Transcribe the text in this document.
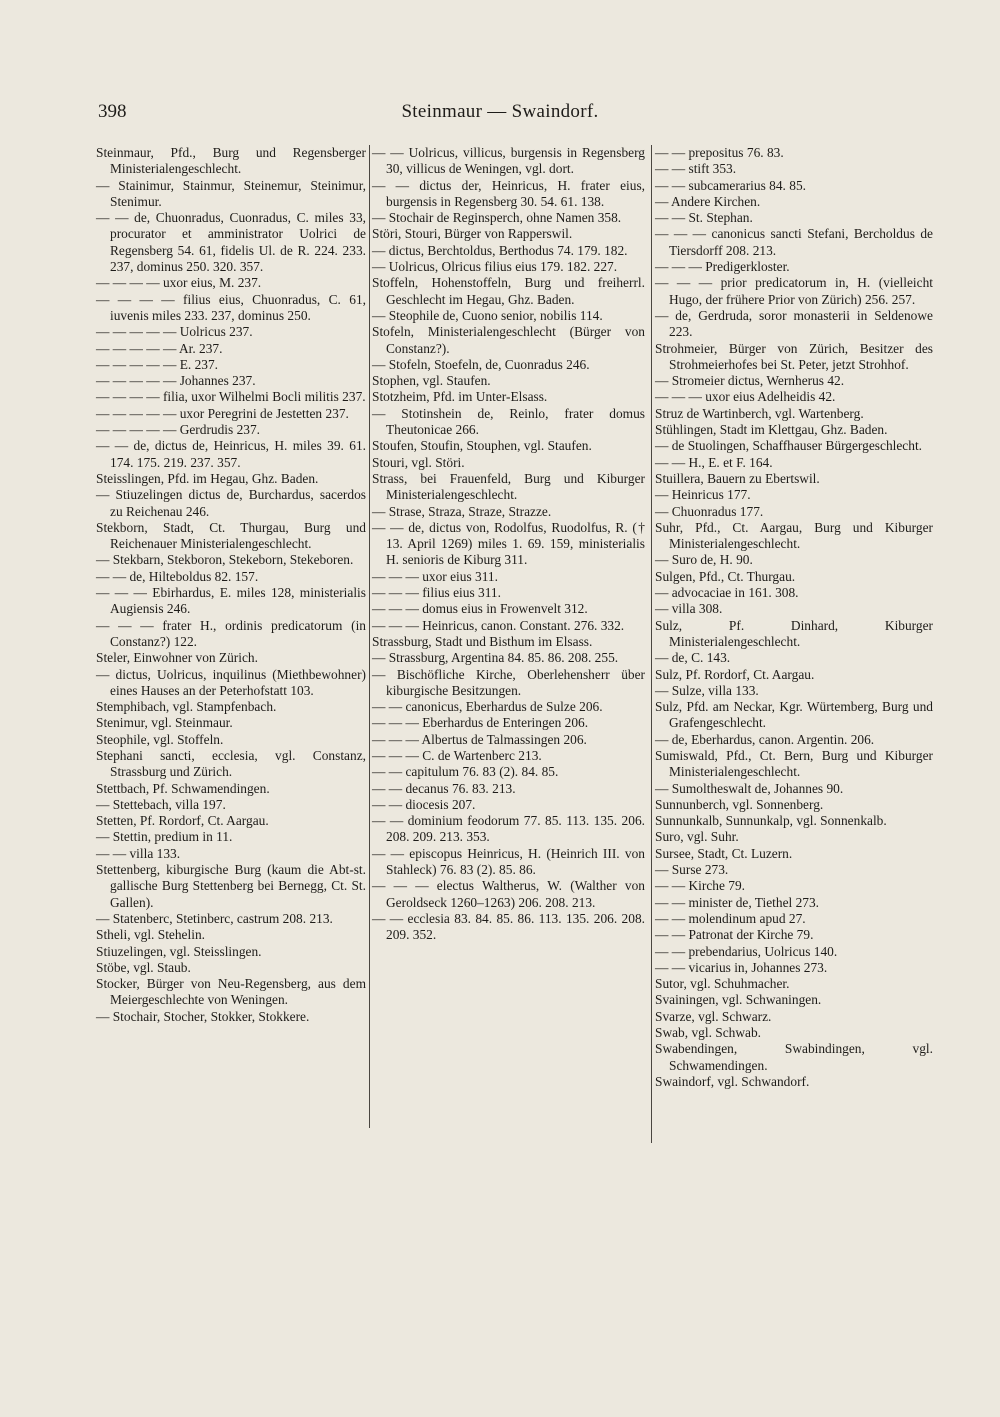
398	Steinmaur — Swaindorf.
Steinmaur, Pfd., Burg und Regensberger Ministerialengeschlecht.
— Stainimur, Stainmur, Steinemur, Steinimur, Stenimur.
— — de, Chuonradus, Cuonradus, C. miles 33, procurator et amministrator Uolrici de Regensberg 54. 61, fidelis Ul. de R. 224. 233. 237, dominus 250. 320. 357.
— — — — uxor eius, M. 237.
— — — — filius eius, Chuonradus, C. 61, iuvenis miles 233. 237, dominus 250.
— — — — — Uolricus 237.
— — — — — Ar. 237.
— — — — — E. 237.
— — — — — Johannes 237.
— — — — filia, uxor Wilhelmi Bocli militis 237.
— — — — — uxor Peregrini de Jestetten 237.
— — — — — Gerdrudis 237.
— — de, dictus de, Heinricus, H. miles 39. 61. 174. 175. 219. 237. 357.
Steisslingen, Pfd. im Hegau, Ghz. Baden.
— Stiuzelingen dictus de, Burchardus, sacerdos zu Reichenau 246.
Stekborn, Stadt, Ct. Thurgau, Burg und Reichenauer Ministerialengeschlecht.
— Stekbarn, Stekboron, Stekeborn, Stekeboren.
— — de, Hilteboldus 82. 157.
— — — Ebirhardus, E. miles 128, ministerialis Augiensis 246.
— — — frater H., ordinis predicatorum (in Constanz?) 122.
Steler, Einwohner von Zürich.
— dictus, Uolricus, inquilinus (Miethbewohner) eines Hauses an der Peterhofstatt 103.
Stemphibach, vgl. Stampfenbach.
Stenimur, vgl. Steinmaur.
Steophile, vgl. Stoffeln.
Stephani sancti, ecclesia, vgl. Constanz, Strassburg und Zürich.
Stettbach, Pf. Schwamendingen.
— Stettebach, villa 197.
Stetten, Pf. Rordorf, Ct. Aargau.
— Stettin, predium in 11.
— — villa 133.
Stettenberg, kiburgische Burg (kaum die Abt-st. gallische Burg Stettenberg bei Bernegg, Ct. St. Gallen).
— Statenberc, Stetinberc, castrum 208. 213.
Stheli, vgl. Stehelin.
Stiuzelingen, vgl. Steisslingen.
Stöbe, vgl. Staub.
Stocker, Bürger von Neu-Regensberg, aus dem Meiergeschlechte von Weningen.
— Stochair, Stocher, Stokker, Stokkere.
— — Uolricus, villicus, burgensis in Regensberg 30, villicus de Weningen, vgl. dort.
— — dictus der, Heinricus, H. frater eius, burgensis in Regensberg 30. 54. 61. 138.
— Stochair de Reginsperch, ohne Namen 358.
Störi, Stouri, Bürger von Rapperswil.
— dictus, Berchtoldus, Berthodus 74. 179. 182.
— Uolricus, Olricus filius eius 179. 182. 227.
Stoffeln, Hohenstoffeln, Burg und freiherrl. Geschlecht im Hegau, Ghz. Baden.
— Steophile de, Cuono senior, nobilis 114.
Stofeln, Ministerialengeschlecht (Bürger von Constanz?).
— Stofeln, Stoefeln, de, Cuonradus 246.
Stophen, vgl. Staufen.
Stotzheim, Pfd. im Unter-Elsass.
— Stotinshein de, Reinlo, frater domus Theutonicae 266.
Stoufen, Stoufin, Stouphen, vgl. Staufen.
Stouri, vgl. Störi.
Strass, bei Frauenfeld, Burg und Kiburger Ministerialengeschlecht.
— Strase, Straza, Straze, Strazze.
— — de, dictus von, Rodolfus, Ruodolfus, R. († 13. April 1269) miles 1. 69. 159, ministerialis H. senioris de Kiburg 311.
— — — uxor eius 311.
— — — filius eius 311.
— — — domus eius in Frowenvelt 312.
— — — Heinricus, canon. Constant. 276. 332.
Strassburg, Stadt und Bisthum im Elsass.
— Strassburg, Argentina 84. 85. 86. 208. 255.
— Bischöfliche Kirche, Oberlehensherr über kiburgische Besitzungen.
— — canonicus, Eberhardus de Sulze 206.
— — — Eberhardus de Enteringen 206.
— — — Albertus de Talmassingen 206.
— — — C. de Wartenberc 213.
— — capitulum 76. 83 (2). 84. 85.
— — decanus 76. 83. 213.
— — diocesis 207.
— — dominium feodorum 77. 85. 113. 135. 206. 208. 209. 213. 353.
— — episcopus Heinricus, H. (Heinrich III. von Stahleck) 76. 83 (2). 85. 86.
— — — electus Waltherus, W. (Walther von Geroldseck 1260–1263) 206. 208. 213.
— — ecclesia 83. 84. 85. 86. 113. 135. 206. 208. 209. 352.
— — prepositus 76. 83.
— — stift 353.
— — subcamerarius 84. 85.
— Andere Kirchen.
— — St. Stephan.
— — — canonicus sancti Stefani, Bercholdus de Tiersdorff 208. 213.
— — — Predigerkloster.
— — — prior predicatorum in, H. (vielleicht Hugo, der frühere Prior von Zürich) 256. 257.
— de, Gerdruda, soror monasterii in Seldenowe 223.
Strohmeier, Bürger von Zürich, Besitzer des Strohmeierhofes bei St. Peter, jetzt Strohhof.
— Stromeier dictus, Wernherus 42.
— — — uxor eius Adelheidis 42.
Struz de Wartinberch, vgl. Wartenberg.
Stühlingen, Stadt im Klettgau, Ghz. Baden.
— de Stuolingen, Schaffhauser Bürgergeschlecht.
— — H., E. et F. 164.
Stuillera, Bauern zu Ebertswil.
— Heinricus 177.
— Chuonradus 177.
Suhr, Pfd., Ct. Aargau, Burg und Kiburger Ministerialengeschlecht.
— Suro de, H. 90.
Sulgen, Pfd., Ct. Thurgau.
— advocaciae in 161. 308.
— villa 308.
Sulz, Pf. Dinhard, Kiburger Ministerialengeschlecht.
— de, C. 143.
Sulz, Pf. Rordorf, Ct. Aargau.
— Sulze, villa 133.
Sulz, Pfd. am Neckar, Kgr. Würtemberg, Burg und Grafengeschlecht.
— de, Eberhardus, canon. Argentin. 206.
Sumiswald, Pfd., Ct. Bern, Burg und Kiburger Ministerialengeschlecht.
— Sumoltheswalt de, Johannes 90.
Sunnunberch, vgl. Sonnenberg.
Sunnunkalb, Sunnunkalp, vgl. Sonnenkalb.
Suro, vgl. Suhr.
Sursee, Stadt, Ct. Luzern.
— Surse 273.
— — Kirche 79.
— — minister de, Tiethel 273.
— — molendinum apud 27.
— — Patronat der Kirche 79.
— — prebendarius, Uolricus 140.
— — vicarius in, Johannes 273.
Sutor, vgl. Schuhmacher.
Svainingen, vgl. Schwaningen.
Svarze, vgl. Schwarz.
Swab, vgl. Schwab.
Swabendingen, Swabindingen, vgl. Schwamendingen.
Swaindorf, vgl. Schwandorf.
